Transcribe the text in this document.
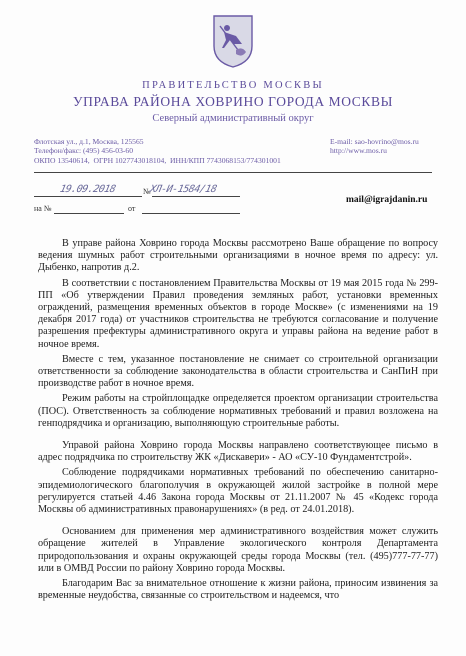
ПРАВИТЕЛЬСТВО МОСКВЫ
УПРАВА РАЙОНА ХОВРИНО ГОРОДА МОСКВЫ
Северный административный округ
Флотская ул., д.1, Москва, 125565
Телефон/факс: (495) 456-03-60
ОКПО 13540614,  ОГРН 1027743018104,  ИНН/КПП 7743068153/774301001
E-mail: sao-hovrino@mos.ru
http://www.mos.ru
19.09.2018	№
ХЛ-И-1584/18
на №	от
mail@igrajdanin.ru

В управе района Ховрино города Москвы рассмотрено Ваше обращение по вопросу ведения шумных работ строительными организациями в ночное время по адресу: ул. Дыбенко, напротив д.2.

В соответствии с постановлением Правительства Москвы от 19 мая 2015 года № 299-ПП «Об утверждении Правил проведения земляных работ, установки временных ограждений, размещения временных объектов в городе Москве» (с изменениями на 19 декабря 2017 года) от участников строительства не требуются согласование и получение разрешения префектуры административного округа и управы района на ведение работ в ночное время.

Вместе с тем, указанное постановление не снимает со строительной организации ответственности за соблюдение законодательства в области строительства и СанПиН при производстве работ в ночное время.

Режим работы на стройплощадке определяется проектом организации строительства (ПОС). Ответственность за соблюдение нормативных требований и правил возложена на генподрядчика и организацию, выполняющую строительные работы.

Управой района Ховрино города Москвы направлено соответствующее письмо в адрес подрядчика по строительству ЖК «Дискавери» - АО «СУ-10 Фундаментстрой».

Соблюдение подрядчиками нормативных требований по обеспечению санитарно-эпидемиологического благополучия в окружающей жилой застройке в полной мере регулируется статьей 4.46 Закона города Москвы от 21.11.2007 № 45 «Кодекс города Москвы об административных правонарушениях» (в ред. от 24.01.2018).

Основанием для применения мер административного воздействия может служить обращение жителей в Управление экологического контроля Департамента природопользования и охраны окружающей среды города Москвы (тел. (495)777-77-77) или в ОМВД России по району Ховрино города Москвы.

Благодарим Вас за внимательное отношение к жизни района, приносим извинения за временные неудобства, связанные со строительством и надеемся, что
